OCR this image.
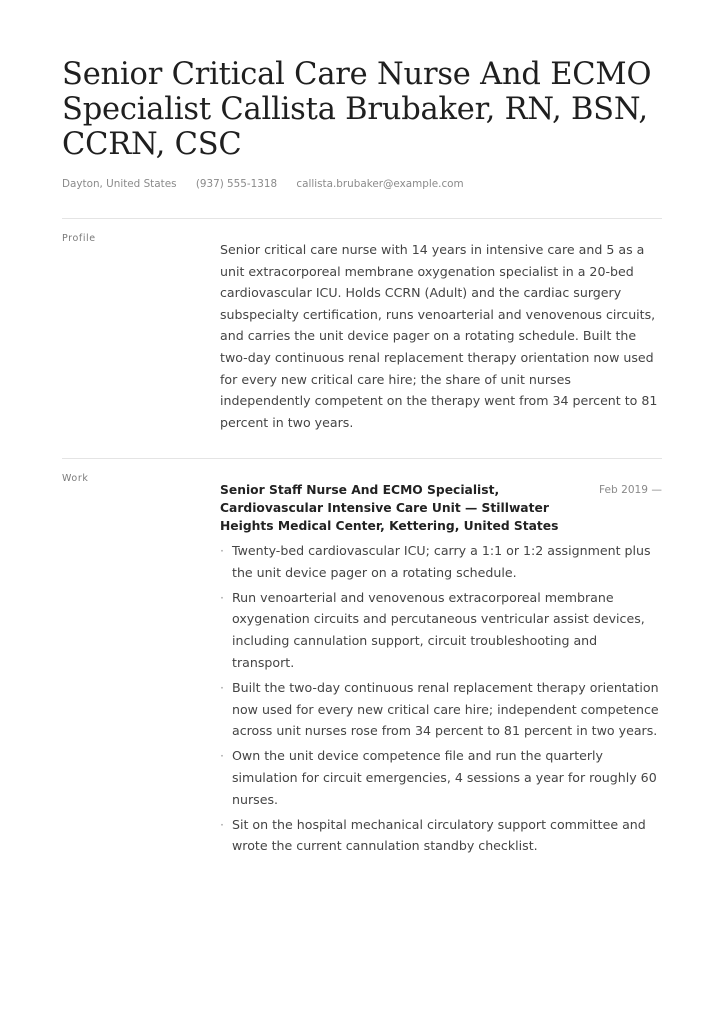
Senior Critical Care Nurse And ECMO Specialist Callista Brubaker, RN, BSN, CCRN, CSC
Dayton, United States (937) 555-1318 callista.brubaker@example.com
Profile
Senior critical care nurse with 14 years in intensive care and 5 as a unit extracorporeal membrane oxygenation specialist in a 20-bed cardiovascular ICU. Holds CCRN (Adult) and the cardiac surgery subspecialty certification, runs venoarterial and venovenous circuits, and carries the unit device pager on a rotating schedule. Built the two-day continuous renal replacement therapy orientation now used for every new critical care hire; the share of unit nurses independently competent on the therapy went from 34 percent to 81 percent in two years.
Work
Senior Staff Nurse And ECMO Specialist, Cardiovascular Intensive Care Unit — Stillwater Heights Medical Center, Kettering, United States
Feb 2019 —
· Twenty-bed cardiovascular ICU; carry a 1:1 or 1:2 assignment plus the unit device pager on a rotating schedule.
· Run venoarterial and venovenous extracorporeal membrane oxygenation circuits and percutaneous ventricular assist devices, including cannulation support, circuit troubleshooting and transport.
· Built the two-day continuous renal replacement therapy orientation now used for every new critical care hire; independent competence across unit nurses rose from 34 percent to 81 percent in two years.
· Own the unit device competence file and run the quarterly simulation for circuit emergencies, 4 sessions a year for roughly 60 nurses.
· Sit on the hospital mechanical circulatory support committee and wrote the current cannulation standby checklist.
